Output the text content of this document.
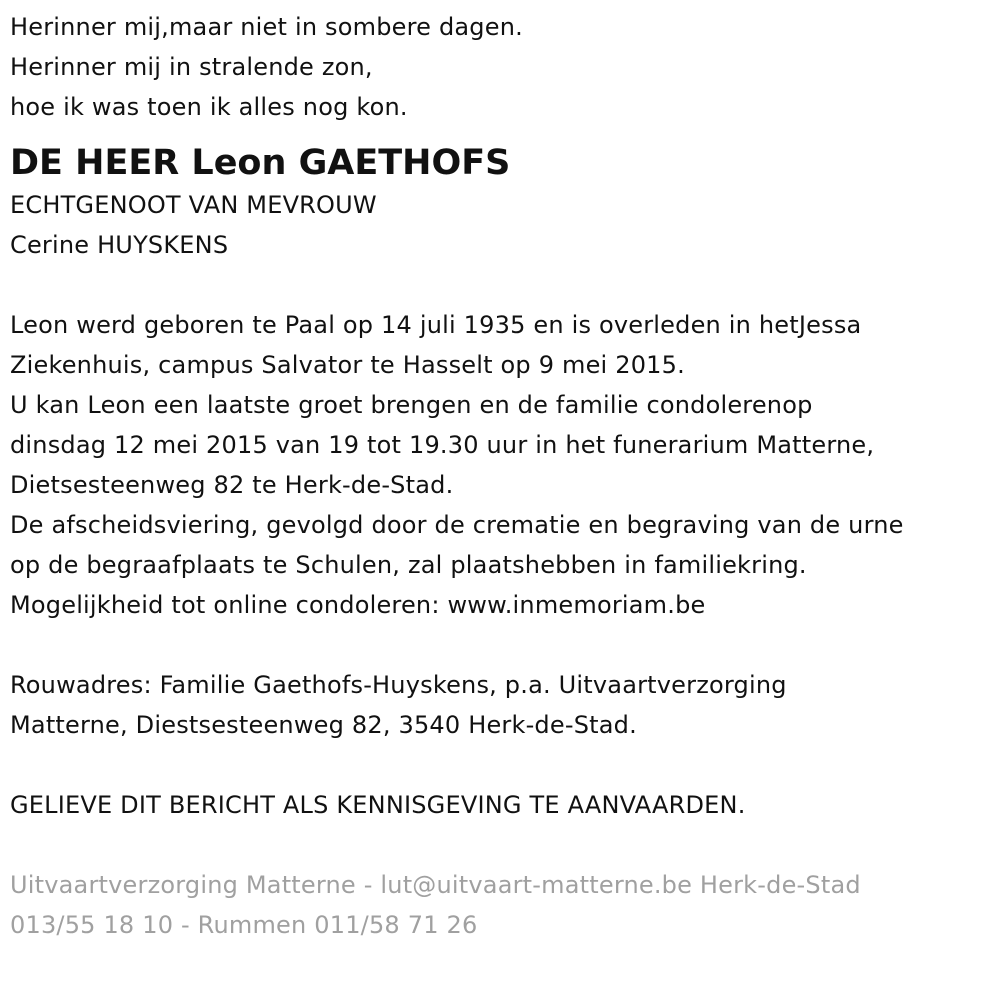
Herinner mij,maar niet in sombere dagen.
Herinner mij in stralende zon,
hoe ik was toen ik alles nog kon.
DE HEER Leon GAETHOFS
ECHTGENOOT VAN MEVROUW
Cerine HUYSKENS
Leon werd geboren te Paal op 14 juli 1935 en is overleden in hetJessa
Ziekenhuis, campus Salvator te Hasselt op 9 mei 2015.
U kan Leon een laatste groet brengen en de familie condolerenop
dinsdag 12 mei 2015 van 19 tot 19.30 uur in het funerarium Matterne,
Dietsesteenweg 82 te Herk-de-Stad.
De afscheidsviering, gevolgd door de crematie en begraving van de urne
op de begraafplaats te Schulen, zal plaatshebben in familiekring.
Mogelijkheid tot online condoleren: www.inmemoriam.be
Rouwadres: Familie Gaethofs-Huyskens, p.a. Uitvaartverzorging
Matterne, Diestsesteenweg 82, 3540 Herk-de-Stad.
GELIEVE DIT BERICHT ALS KENNISGEVING TE AANVAARDEN.
Uitvaartverzorging Matterne - lut@uitvaart-matterne.be Herk-de-Stad
013/55 18 10 - Rummen 011/58 71 26
